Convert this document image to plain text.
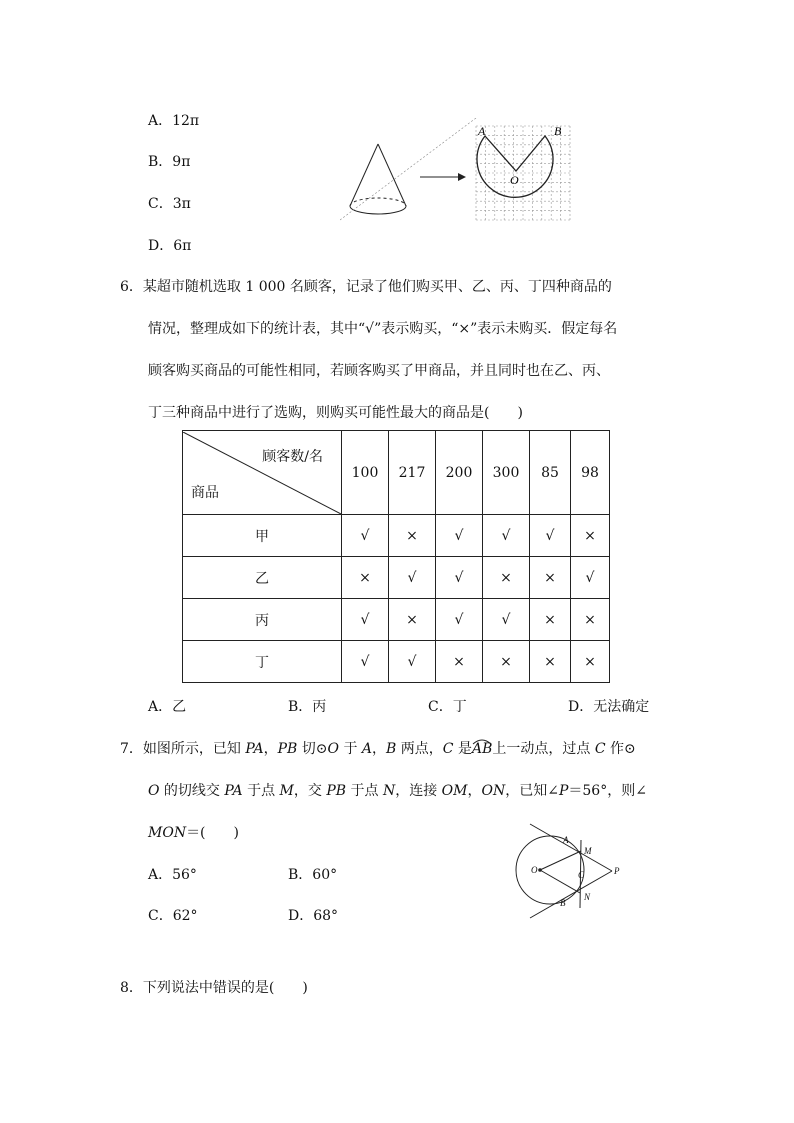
A．12π
B．9π
C．3π
D．6π
A	B
O
6．某超市随机选取 1 000 名顾客，记录了他们购买甲、乙、丙、丁四种商品的
情况，整理成如下的统计表，其中“√”表示购买，“×”表示未购买．假定每名
顾客购买商品的可能性相同，若顾客购买了甲商品，并且同时也在乙、丙、
丁三种商品中进行了选购，则购买可能性最大的商品是(　　)
顾客数/名
商品	100	217	200	300	85	98
甲	√	×	√	√	√	×
乙	×	√	√	×	×	√
丙	√	×	√	√	×	×
丁	√	√	×	×	×	×
A．乙	B．丙	C．丁	D．无法确定
7．如图所示，已知 PA，PB 切⊙O 于 A，B 两点，C 是AB
上一动点，过点 C 作⊙
O 的切线交 PA 于点 M，交 PB 于点 N，连接 OM，ON，已知∠P＝56°，则∠
MON＝(　　)
A．56°	B．60°
C．62°	D．68°
O
A
M
C	P
N
B
8．下列说法中错误的是(　　)
